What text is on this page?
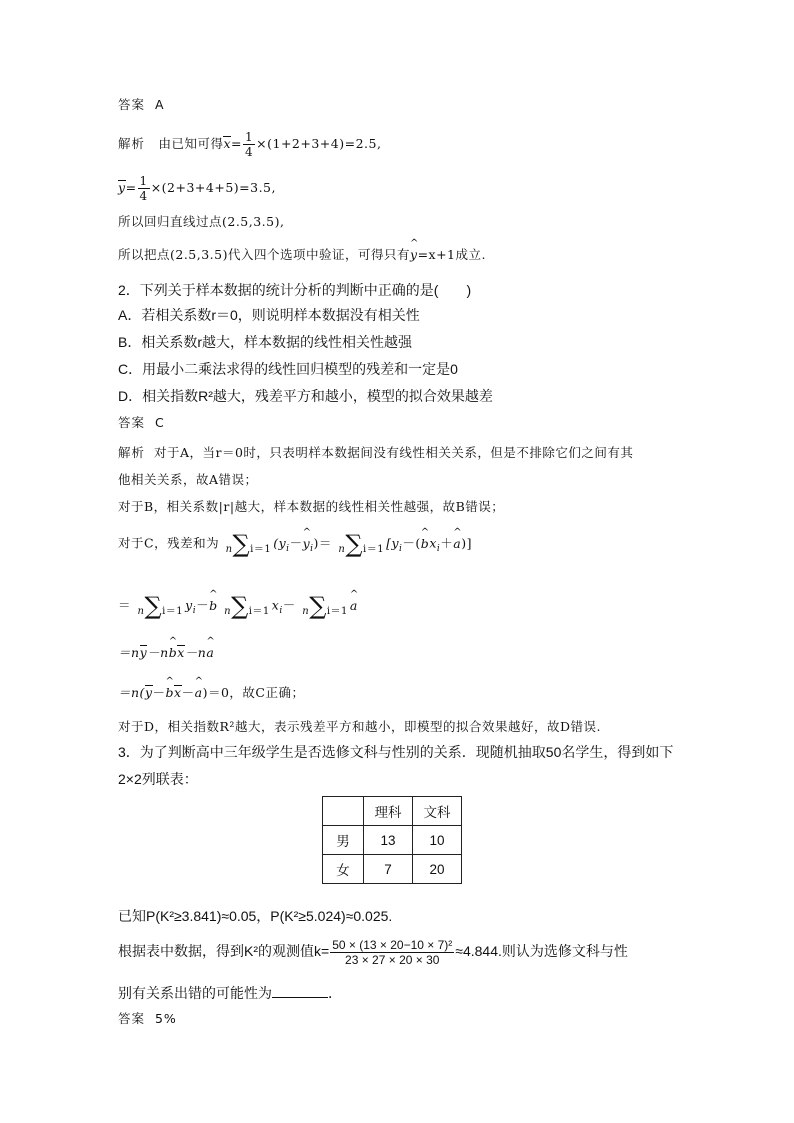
答案 A
解析 由已知可得$x= \frac{1}{4} \times(1+2+3+4)=2.5$,
$y= \frac{1}{4} \times(2+3+4+5)=3.5$,
所以回归直线过点(2.5,3.5),
所以把点(2.5,3.5)代入四个选项中验证，可得只有^ y=x+1成立.
2．下列关于样本数据的统计分析的判断中正确的是(　　)
A．若相关系数r＝0，则说明样本数据没有相关性
B．相关系数r越大，样本数据的线性相关性越强
C．用最小二乘法求得的线性回归模型的残差和一定是0
D．相关指数R²越大，残差平方和越小，模型的拟合效果越差
答案 C
解析 对于A，当r＝0时，只表明样本数据间没有线性相关关系，但是不排除它们之间有其
他相关关系，故A错误；
对于B，相关系数|r|越大，样本数据的线性相关性越强，故B错误；
对于C，残差和为 n∑i＝1 ($y_i-\^{}$ $y_i)= n\sum i=1$ [$y_i-(\^{}$ $bx_i+\^{}$ a)]
＝ n∑i＝1 $y_i-\^{}$ b n∑i＝1 $x_i- n\sum i=1$ ^ a
＝ny－n^ bx－n^ a
＝n(y－^ bx－^ a)＝0，故C正确；
对于D，相关指数R²越大，表示残差平方和越小，即模型的拟合效果越好，故D错误.
3．为了判断高中三年级学生是否选修文科与性别的关系．现随机抽取50名学生，得到如下
2×2列联表：
	理科	文科
男	13	10
女	7	20
已知P(K²≥3.841)≈0.05，P(K²≥5.024)≈0.025.
根据表中数据，得到K²的观测值$k= \frac{\text{50 × (13 × 20−10 × 7)²}}{23 \times 27 \times 20 \times 30} \approx 4.844$.则认为选修文科与性
别有关系出错的可能性为	．
答案 5%
